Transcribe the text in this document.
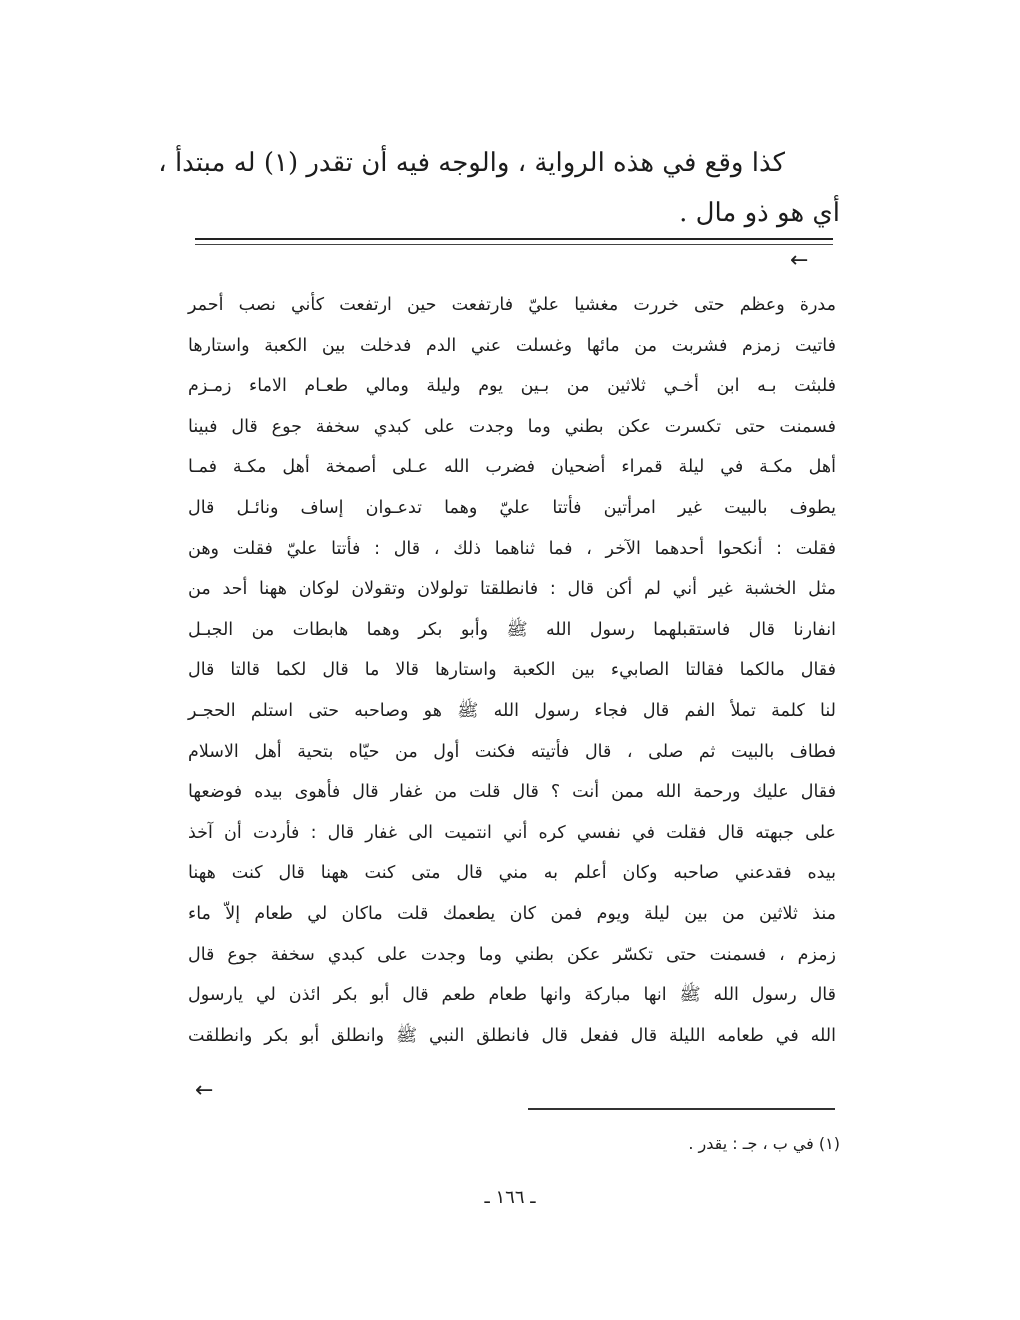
كذا وقع في هذه الرواية ، والوجه فيه أن تقدر (١) له مبتدأ ،
أي هو ذو مال .
←
مدرة وعظم حتى خررت مغشيا عليّ فارتفعت حين ارتفعت كأني نصب أحمر
فاتيت زمزم فشربت من مائها وغسلت عني الدم فدخلت بين الكعبة واستارها
فلبثت بـه ابن أخـي ثلاثين من بـين يوم وليلة ومالي طعـام الاماء زمـزم
فسمنت حتى تكسرت عكن بطني وما وجدت على كبدي سخفة جوع قال فبينا
أهل مكـة في ليلة قمراء أضحيان فضرب الله عـلى أصمخة أهل مكـة فمـا
يطوف بالبيت غير امرأتين فأتتا عليّ وهما تدعـوان إساف ونائـل قال
فقلت : أنكحوا أحدهما الآخر ، فما ثناهما ذلك ، قال : فأتتا عليّ فقلت وهن
مثل الخشبة غير أني لم أكن قال : فانطلقتا تولولان وتقولان لوكان ههنا أحد من
انفارنا قال فاستقبلهما رسول الله ﷺ وأبو بكر وهما هابطات من الجبـل
فقال مالكما فقالتا الصابيء بين الكعبة واستارها قالا ما قال لكما قالتا قال
لنا كلمة تملأ الفم قال فجاء رسول الله ﷺ هو وصاحبه حتى استلم الحجـر
فطاف بالبيت ثم صلى ، قال فأتيته فكنت أول من حيّاه بتحية أهل الاسلام
فقال عليك ورحمة الله ممن أنت ؟ قال قلت من غفار قال فأهوى بيده فوضعها
على جبهته قال فقلت في نفسي كره أني انتميت الى غفار قال : فأردت أن آخذ
بيده فقدعني صاحبه وكان أعلم به مني قال متى كنت ههنا قال كنت ههنا
منذ ثلاثين من بين ليلة ويوم فمن كان يطعمك قلت ماكان لي طعام إلاّ ماء
زمزم ، فسمنت حتى تكسّر عكن بطني وما وجدت على كبدي سخفة جوع قال
قال رسول الله ﷺ انها مباركة وانها طعام طعم قال أبو بكر ائذن لي يارسول
الله في طعامه الليلة قال ففعل قال فانطلق النبي ﷺ وانطلق أبو بكر وانطلقت
←
(١) في ب ، جـ : يقدر .
ـ ١٦٦ ـ
